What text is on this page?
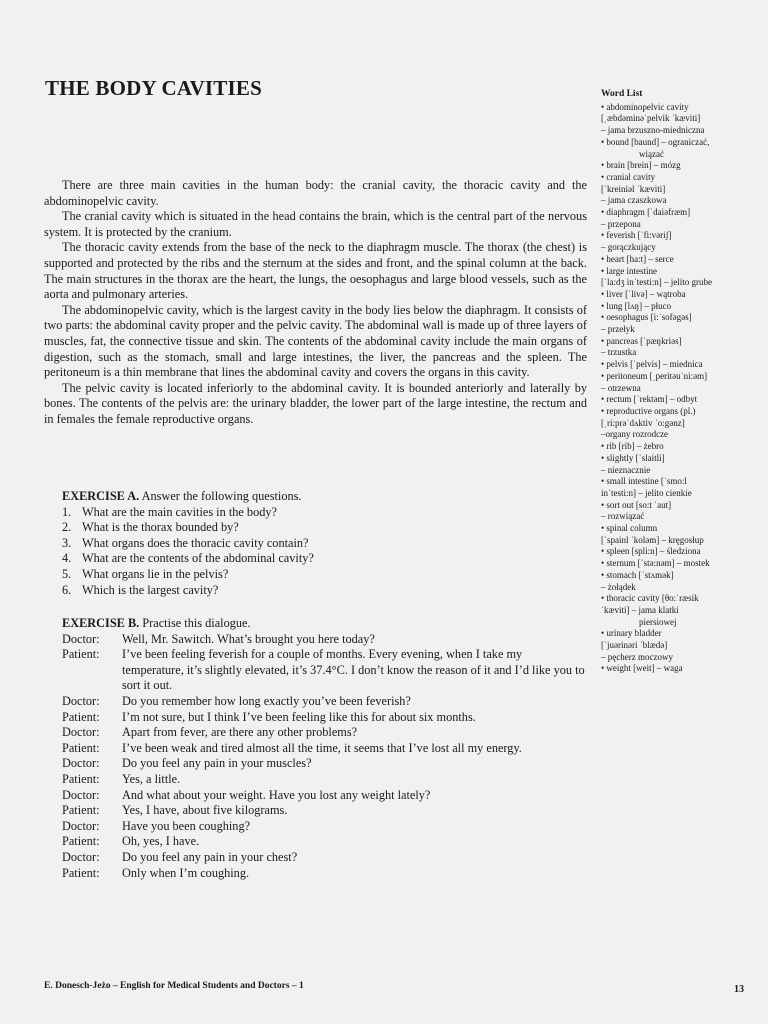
THE BODY CAVITIES

There are three main cavities in the human body: the cranial cavity, the thoracic cavity and the abdominopelvic cavity.

The cranial cavity which is situated in the head contains the brain, which is the central part of the nervous system. It is protected by the cranium.

The thoracic cavity extends from the base of the neck to the diaphragm muscle. The thorax (the chest) is supported and protected by the ribs and the sternum at the sides and front, and the spinal column at the back. The main structures in the thorax are the heart, the lungs, the oesophagus and large blood vessels, such as the aorta and pulmonary arteries.

The abdominopelvic cavity, which is the largest cavity in the body lies below the diaphragm. It consists of two parts: the abdominal cavity proper and the pelvic cavity. The abdominal wall is made up of three layers of muscles, fat, the connective tissue and skin. The contents of the abdominal cavity include the main organs of digestion, such as the stomach, small and large intestines, the liver, the pancreas and the spleen. The peritoneum is a thin membrane that lines the abdominal cavity and covers the organs in this cavity.

The pelvic cavity is located inferiorly to the abdominal cavity. It is bounded anteriorly and laterally by bones. The contents of the pelvis are: the urinary bladder, the lower part of the large intestine, the rectum and in females the female reproductive organs.

EXERCISE A. Answer the following questions.
1. What are the main cavities in the body?
2. What is the thorax bounded by?
3. What organs does the thoracic cavity contain?
4. What are the contents of the abdominal cavity?
5. What organs lie in the pelvis?
6. Which is the largest cavity?
EXERCISE B. Practise this dialogue.
Doctor:	Well, Mr. Sawitch. What’s brought you here today?
Patient:	I’ve been feeling feverish for a couple of months. Every evening, when I take my temperature, it’s slightly elevated, it’s 37.4°C. I don’t know the reason of it and I’d like you to sort it out.
Doctor:	Do you remember how long exactly you’ve been feverish?
Patient:	I’m not sure, but I think I’ve been feeling like this for about six months.
Doctor:	Apart from fever, are there any other problems?
Patient:	I’ve been weak and tired almost all the time, it seems that I’ve lost all my energy.
Doctor:	Do you feel any pain in your muscles?
Patient:	Yes, a little.
Doctor:	And what about your weight. Have you lost any weight lately?
Patient:	Yes, I have, about five kilograms.
Doctor:	Have you been coughing?
Patient:	Oh, yes, I have.
Doctor:	Do you feel any pain in your chest?
Patient:	Only when I’m coughing.
Word List
• abdominopelvic cavity
[ˌæbdəminəˈpelvik ˈkæviti]
– jama brzuszno-miedniczna
• bound [baund] – ograniczać,
wiązać
• brain [brein] – mózg
• cranial cavity
[ˈkreiniəl ˈkæviti]
– jama czaszkowa
• diaphragm [ˈdaiəfræm]
– przepona
• feverish [ˈfi:vəriʃ]
– gorączkujący
• heart [ha:t] – serce
• large intestine
[ˈla:dʒ inˈtesti:n] – jelito grube
• liver [ˈlivə] – wątroba
• lung [lʌŋ] – płuco
• oesophagus [i:ˈsofəgəs]
– przełyk
• pancreas [ˈpæŋkriəs]
– trzustka
• pelvis [ˈpelvis] – miednica
• peritoneum [ˌperitəuˈni:əm]
– otrzewna
• rectum [ˈrektəm] – odbyt
• reproductive organs (pl.)
[ˌri:prəˈdʌktiv ˈo:gənz]
–organy rozrodcze
• rib [rib] – żebro
• slightly [ˈslaitli]
– nieznacznie
• small intestine [ˈsmo:l
inˈtesti:n] – jelito cienkie
• sort out [so:t ˈaut]
– rozwiązać
• spinal column
[ˈspainl ˈkoləm] – kręgosłup
• spleen [spli:n] – śledziona
• sternum [ˈstə:nəm] – mostek
• stomach [ˈstʌmək]
– żołądek
• thoracic cavity [θo:ˈræsik
ˈkæviti] – jama klatki
piersiowej
• urinary bladder
[ˈjuərinəri ˈblædə]
– pęcherz moczowy
• weight [weit] – waga
E. Donesch-Jeżo – English for Medical Students and Doctors – 1	13
